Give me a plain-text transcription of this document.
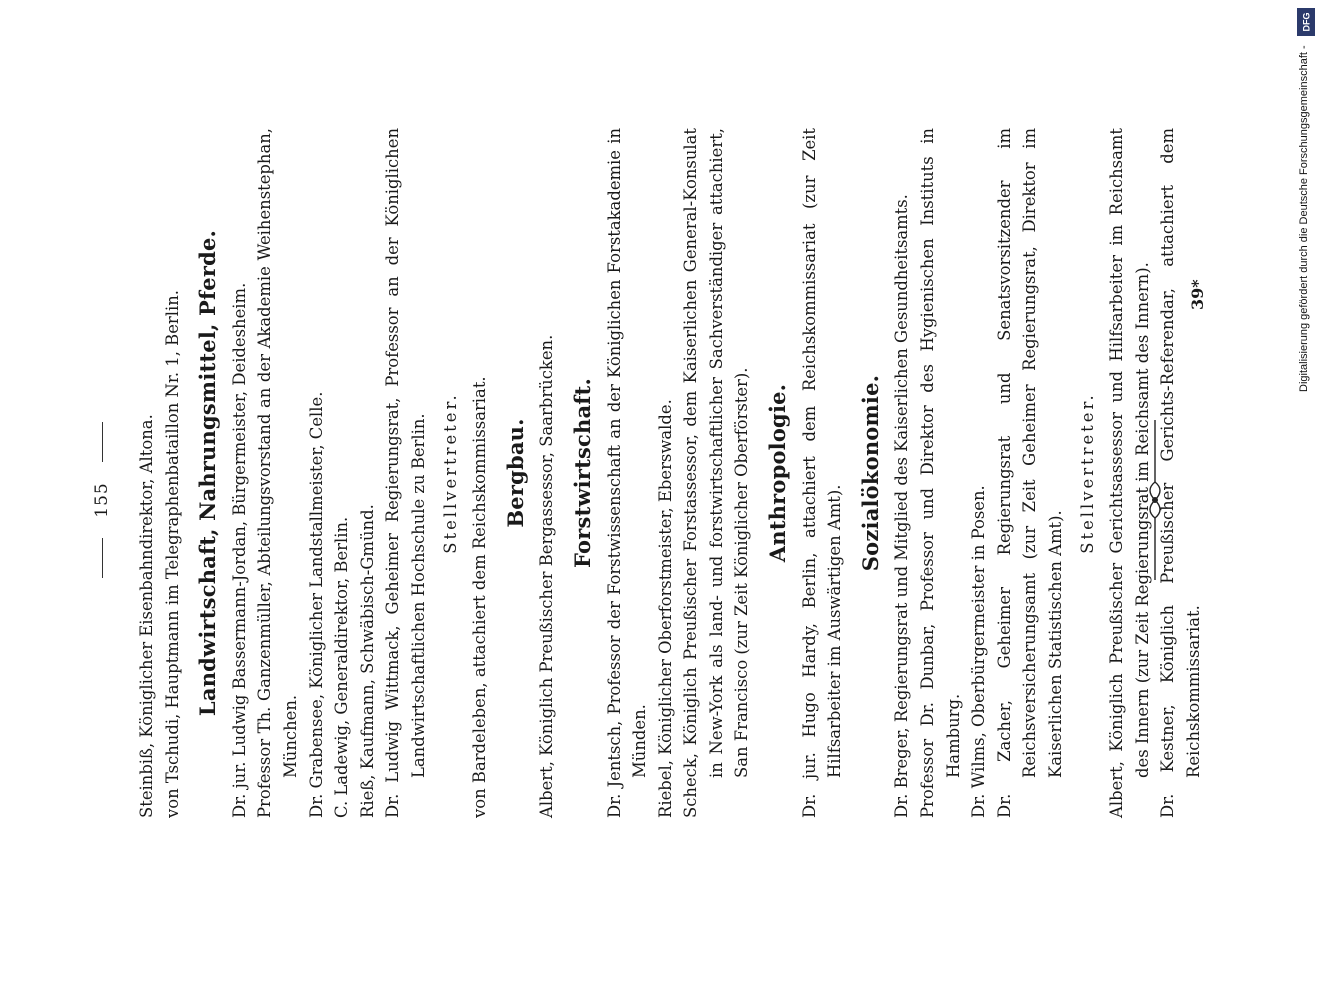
155 Steinbiß, Königlicher Eisenbahndirektor, Altona. von Tschudi, Hauptmann im Telegraphenbataillon Nr. 1, Berlin. Landwirtschaft, Nahrungsmittel, Pferde. Dr. jur. Ludwig Bassermann-Jordan, Bürgermeister, Deidesheim. Professor Th. Ganzenmüller, Abteilungsvorstand an der Akademie Weihenstephan, München. Dr. Grabensee, Königlicher Landstallmeister, Celle. C. Ladewig, Generaldirektor, Berlin. Rieß, Kaufmann, Schwäbisch-Gmünd. Dr. Ludwig Wittmack, Geheimer Regierungsrat, Professor an der Königlichen Landwirtschaftlichen Hochschule zu Berlin. Stellvertreter. von Bardeleben, attachiert dem Reichskommissariat. Bergbau. Albert, Königlich Preußischer Bergassessor, Saarbrücken. Forstwirtschaft. Dr. Jentsch, Professor der Forstwissenschaft an der Königlichen Forstakademie in Münden. Riebel, Königlicher Oberforstmeister, Eberswalde. Scheck, Königlich Preußischer Forstassessor, dem Kaiserlichen General-Konsulat in New-York als land- und forstwirtschaftlicher Sachverständiger attachiert, San Francisco (zur Zeit Königlicher Oberförster). Anthropologie. Dr. jur. Hugo Hardy, Berlin, attachiert dem Reichskommissariat (zur Zeit Hilfsarbeiter im Auswärtigen Amt).

Sozialökonomie. Dr. Breger, Regierungsrat und Mitglied des Kaiserlichen Gesundheitsamts. Professor Dr. Dunbar, Professor und Direktor des Hygienischen Instituts in Hamburg. Dr. Wilms, Oberbürgermeister in Posen. Dr. Zacher, Geheimer Regierungsrat und Senatsvorsitzender im Reichsversicherungsamt (zur Zeit Geheimer Regierungsrat, Direktor im Kaiserlichen Statistischen Amt).

Stellvertreter. Albert, Königlich Preußischer Gerichtsassessor und Hilfsarbeiter im Reichsamt des Innern (zur Zeit Regierungsrat im Reichsamt des Innern). Dr. Kestner, Königlich Preußischer Gerichts-Referendar, attachiert dem Reichskommissariat.

39*
DFG
Digitalisierung gefördert durch die Deutsche Forschungsgemeinschaft -
